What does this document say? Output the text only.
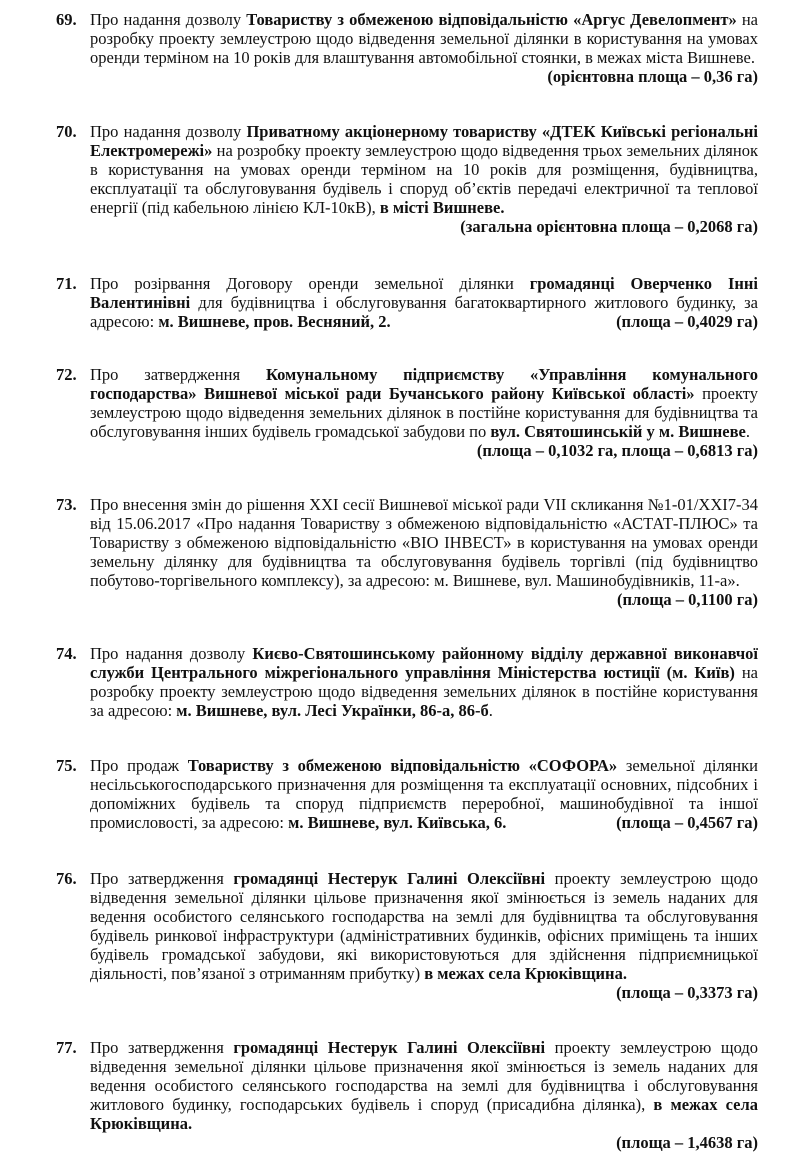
69. Про надання дозволу Товариству з обмеженою відповідальністю «Аргус Девелопмент» на розробку проекту землеустрою щодо відведення земельної ділянки в користування на умовах оренди терміном на 10 років для влаштування автомобільної стоянки, в межах міста Вишневе.
(орієнтовна площа – 0,36 га)
70. Про надання дозволу Приватному акціонерному товариству «ДТЕК Київські регіональні Електромережі» на розробку проекту землеустрою щодо відведення трьох земельних ділянок в користування на умовах оренди терміном на 10 років для розміщення, будівництва, експлуатації та обслуговування будівель і споруд об’єктів передачі електричної та теплової енергії (під кабельною лінією КЛ-10кВ), в місті Вишневе.
(загальна орієнтовна площа – 0,2068 га)
71. Про розірвання Договору оренди земельної ділянки громадянці Оверченко Інні Валентинівні для будівництва і обслуговування багатоквартирного житлового будинку, за адресою: м. Вишневе, пров. Весняний, 2.	(площа – 0,4029 га)
72. Про затвердження Комунальному підприємству «Управління комунального господарства» Вишневої міської ради Бучанського району Київської області» проекту землеустрою щодо відведення земельних ділянок в постійне користування для будівництва та обслуговування інших будівель громадської забудови по вул. Святошинській у м. Вишневе.
(площа – 0,1032 га, площа – 0,6813 га)
73. Про внесення змін до рішення ХХІ сесії Вишневої міської ради VІІ скликання №1-01/ХХІ7-34 від 15.06.2017 «Про надання Товариству з обмеженою відповідальністю «АСТАТ-ПЛЮС» та Товариству з обмеженою відповідальністю «ВІО ІНВЕСТ» в користування на умовах оренди земельну ділянку для будівництва та обслуговування будівель торгівлі (під будівництво побутово-торгівельного комплексу), за адресою: м. Вишневе, вул. Машинобудівників, 11-а».
(площа – 0,1100 га)
74. Про надання дозволу Києво-Святошинському районному відділу державної виконавчої служби Центрального міжрегіонального управління Міністерства юстиції (м. Київ) на розробку проекту землеустрою щодо відведення земельних ділянок в постійне користування за адресою: м. Вишневе, вул. Лесі Українки, 86-а, 86-б.
75. Про продаж Товариству з обмеженою відповідальністю «СОФОРА» земельної ділянки несільськогосподарського призначення для розміщення та експлуатації основних, підсобних і допоміжних будівель та споруд підприємств переробної, машинобудівної та іншої промисловості, за адресою: м. Вишневе, вул. Київська, 6.	(площа – 0,4567 га)
76. Про затвердження громадянці Нестерук Галині Олексіївні проекту землеустрою щодо відведення земельної ділянки цільове призначення якої змінюється із земель наданих для ведення особистого селянського господарства на землі для будівництва та обслуговування будівель ринкової інфраструктури (адміністративних будинків, офісних приміщень та інших будівель громадської забудови, які використовуються для здійснення підприємницької діяльності, пов’язаної з отриманням прибутку) в межах села Крюківщина.
(площа – 0,3373 га)
77. Про затвердження громадянці Нестерук Галині Олексіївні проекту землеустрою щодо відведення земельної ділянки цільове призначення якої змінюється із земель наданих для ведення особистого селянського господарства на землі для будівництва і обслуговування житлового будинку, господарських будівель і споруд (присадибна ділянка), в межах села Крюківщина.
(площа – 1,4638 га)
